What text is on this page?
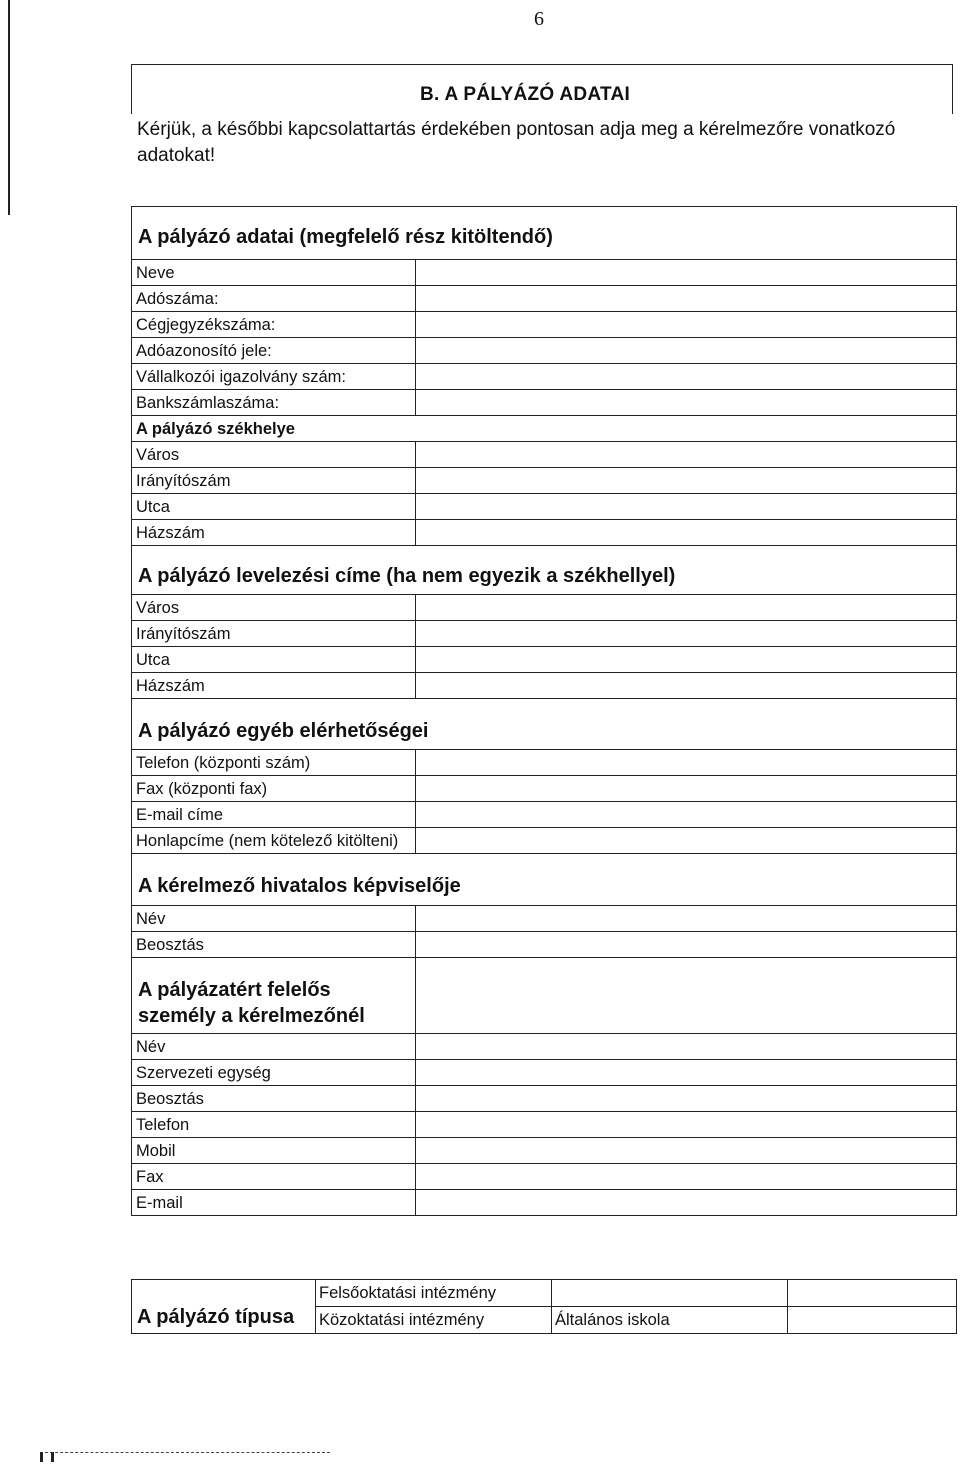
6
B. A PÁLYÁZÓ ADATAI
Kérjük, a későbbi kapcsolattartás érdekében pontosan adja meg a kérelmezőre vonatkozó adatokat!
A pályázó adatai (megfelelő rész kitöltendő)
Neve
Adószáma:
Cégjegyzékszáma:
Adóazonosító jele:
Vállalkozói igazolvány szám:
Bankszámlaszáma:
A pályázó székhelye
Város
Irányítószám
Utca
Házszám
A pályázó levelezési címe (ha nem egyezik a székhellyel)
Város
Irányítószám
Utca
Házszám
A pályázó egyéb elérhetőségei
Telefon (központi szám)
Fax (központi fax)
E-mail címe
Honlapcíme (nem kötelező kitölteni)
A kérelmező hivatalos képviselője
Név
Beosztás
A pályázatért felelős
személy a kérelmezőnél
Név
Szervezeti egység
Beosztás
Telefon
Mobil
Fax
E-mail
A pályázó típusa
Felsőoktatási intézmény
Közoktatási intézmény	Általános iskola
